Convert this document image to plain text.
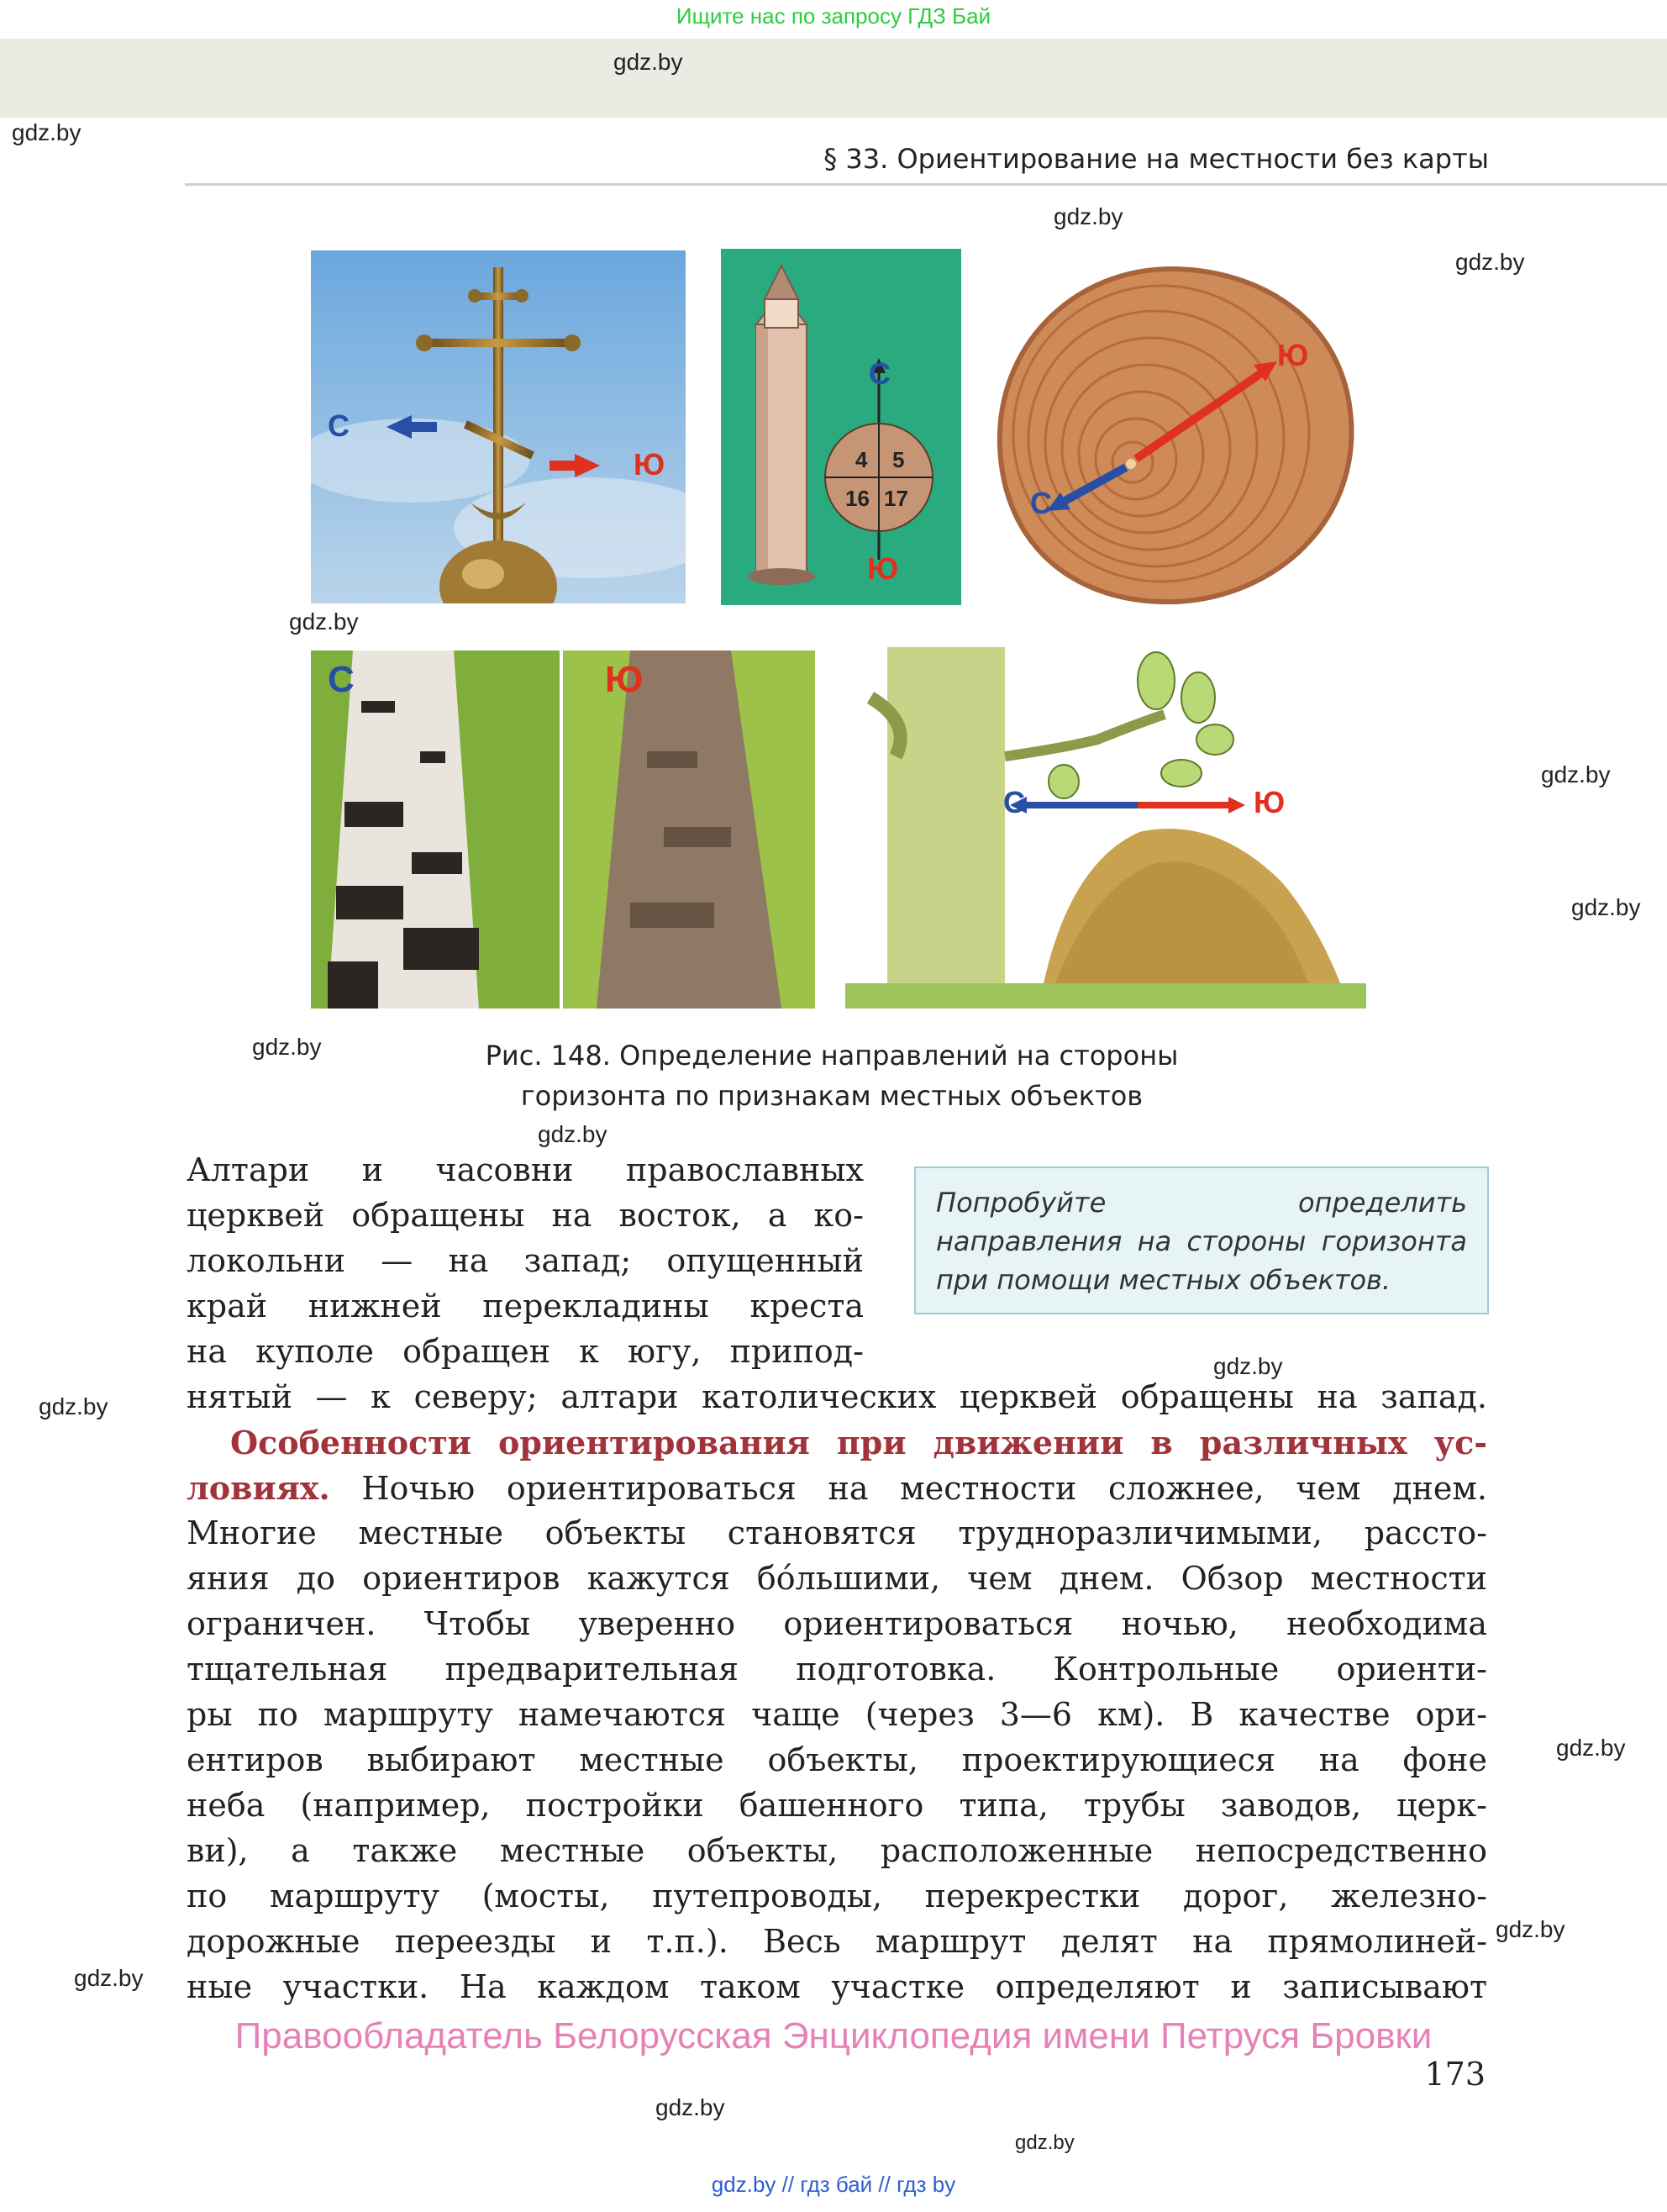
Ищите нас по запросу ГДЗ Бай
gdz.by
gdz.by
gdz.by
gdz.by
gdz.by
gdz.by
gdz.by
gdz.by
gdz.by
gdz.by
gdz.by
gdz.by
gdz.by
gdz.by
gdz.by
gdz.by
§ 33. Ориентирование на местности без карты
С
Ю
С
Ю
4 5
16 17
Ю
С
С	Ю
С	Ю
Рис. 148. Определение направлений на стороны
горизонта по признакам местных объектов
Попробуйте определить направления на стороны горизонта при помощи местных объектов.
Алтари и часовни православных
церквей обращены на восток, а ко-
локольни — на запад; опущенный
край нижней перекладины креста
на куполе обращен к югу, припод-
нятый — к северу; алтари католических церквей обращены на запад.
Особенности ориентирования при движении в различных ус-
ловиях. Ночью ориентироваться на местности сложнее, чем днем.
Многие местные объекты становятся трудноразличимыми, рассто-
яния до ориентиров кажутся бóльшими, чем днем. Обзор местности
ограничен. Чтобы уверенно ориентироваться ночью, необходима
тщательная предварительная подготовка. Контрольные ориенти-
ры по маршруту намечаются чаще (через 3—6 км). В качестве ори-
ентиров выбирают местные объекты, проектирующиеся на фоне
неба (например, постройки башенного типа, трубы заводов, церк-
ви), а также местные объекты, расположенные непосредственно
по маршруту (мосты, путепроводы, перекрестки дорог, железно-
дорожные переезды и т.п.). Весь маршрут делят на прямолиней-
ные участки. На каждом таком участке определяют и записывают
Правообладатель Белорусская Энциклопедия имени Петруся Бровки
173
gdz.by // гдз бай // гдз by
